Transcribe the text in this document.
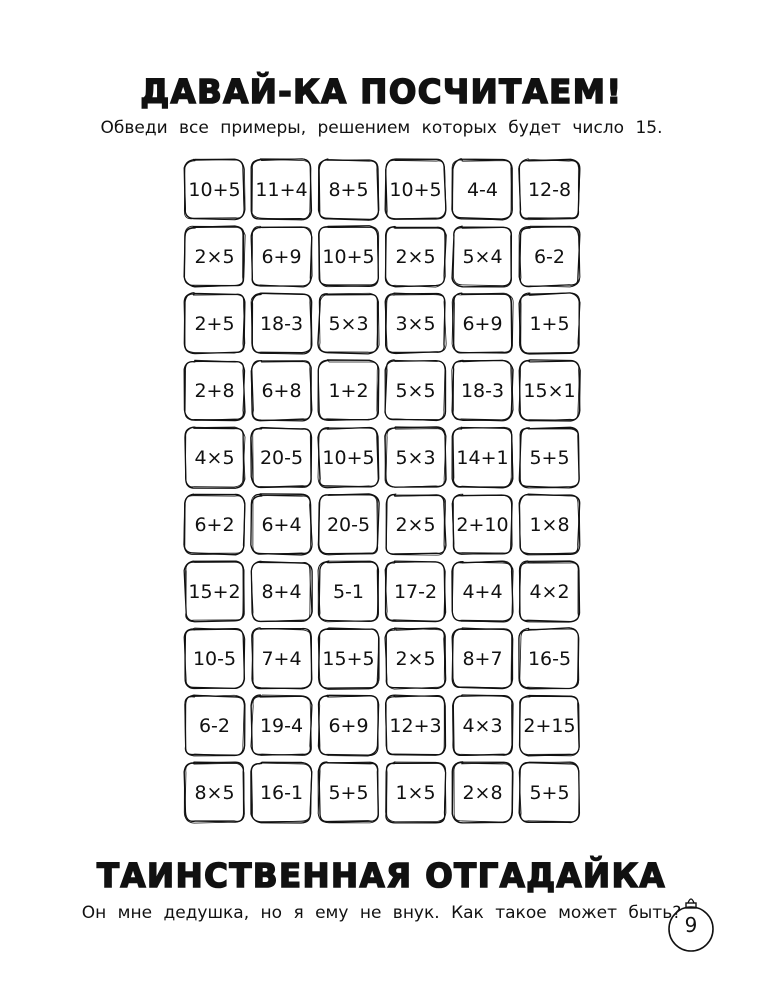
ДАВАЙ-КА ПОСЧИТАЕМ!

Обведи все примеры, решением которых будет число 15.

10+5 11+4 8+5 10+5 4-4 12-8
2×5 6+9 10+5 2×5 5×4 6-2
2+5 18-3 5×3 3×5 6+9 1+5
2+8 6+8 1+2 5×5 18-3 15×1
4×5 20-5 10+5 5×3 14+1 5+5
6+2 6+4 20-5 2×5 2+10 1×8
15+2 8+4 5-1 17-2 4+4 4×2
10-5 7+4 15+5 2×5 8+7 16-5
6-2 19-4 6+9 12+3 4×3 2+15
8×5 16-1 5+5 1×5 2×8 5+5
ТАИНСТВЕННАЯ ОТГАДАЙКА

Он мне дедушка, но я ему не внук. Как такое может быть? 9
